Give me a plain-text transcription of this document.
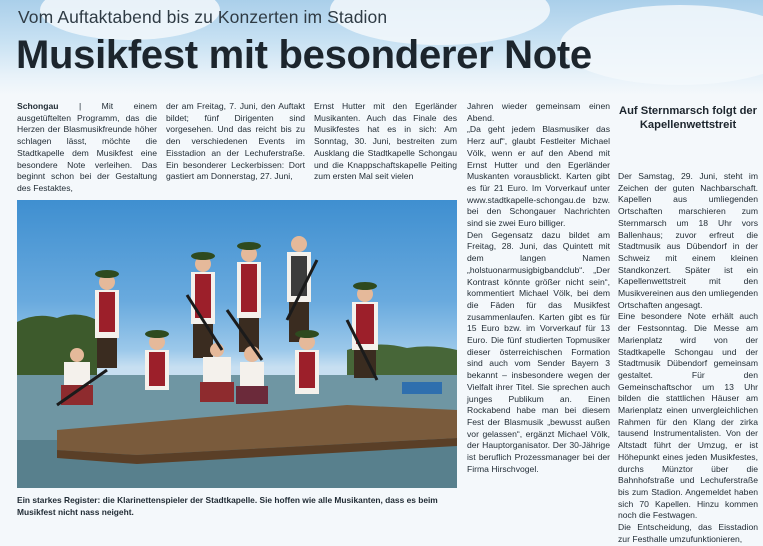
Vom Auftaktabend bis zu Konzerten im Stadion
Musikfest mit besonderer Note

Schongau | Mit einem ausgetüftelten Programm, das die Herzen der Blasmusikfreunde höher schlagen lässt, möchte die Stadtkapelle dem Musikfest eine besondere Note verleihen. Das beginnt schon bei der Gestaltung des Festaktes,

der am Freitag, 7. Juni, den Auftakt bildet; fünf Dirigenten sind vorgesehen. Und das reicht bis zu den verschiedenen Events im Eisstadion an der Lechuferstraße. Ein besonderer Leckerbissen: Dort gastiert am Donnerstag, 27. Juni,

Ernst Hutter mit den Egerländer Musikanten. Auch das Finale des Musikfestes hat es in sich: Am Sonntag, 30. Juni, bestreiten zum Ausklang die Stadtkapelle Schongau und die Knappschaftskapelle Peiting zum ersten Mal seit vielen

Jahren wieder gemeinsam einen Abend.

„Da geht jedem Blasmusiker das Herz auf“, glaubt Festleiter Michael Völk, wenn er auf den Abend mit Ernst Hutter und den Egerländer Muskanten vorausblickt. Karten gibt es für 21 Euro. Im Vorverkauf unter www.stadtkapelle-schongau.de bzw. bei den Schongauer Nachrichten sind sie zwei Euro billiger.

Den Gegensatz dazu bildet am Freitag, 28. Juni, das Quintett mit dem langen Namen „holstuonarmusigbigbandclub“. „Der Kontrast könnte größer nicht sein“, kommentiert Michael Völk, bei dem die Fäden für das Musikfest zusammenlaufen. Karten gibt es für 15 Euro bzw. im Vorverkauf für 13 Euro. Die fünf studierten Topmusiker dieser österreichischen Formation sind auch vom Sender Bayern 3 bekannt – insbesondere wegen der Vielfalt ihrer Titel. Sie sprechen auch junges Publikum an. Einen Rockabend habe man bei diesem Fest der Blasmusik „bewusst außen vor gelassen“, ergänzt Michael Völk, der Hauptorganisator. Der 30-Jährige ist beruflich Prozessmanager bei der Firma Hirschvogel.

Auf Sternmarsch folgt der Kapellenwettstreit

Der Samstag, 29. Juni, steht im Zeichen der guten Nachbarschaft. Kapellen aus umliegenden Ortschaften marschieren zum Sternmarsch um 18 Uhr vors Ballenhaus; zuvor erfreut die Stadtmusik aus Dübendorf in der Schweiz mit einem kleinen Standkonzert. Später ist ein Kapellenwettstreit mit den Musikvereinen aus den umliegenden Ortschaften angesagt.

Eine besondere Note erhält auch der Festsonntag. Die Messe am Marienplatz wird von der Stadtkapelle Schongau und der Stadtmusik Dübendorf gemeinsam gestaltet. Für den Gemeinschaftschor um 13 Uhr bilden die stattlichen Häuser am Marienplatz einen unvergleichlichen Rahmen für den Klang der zirka tausend Instrumentalisten. Von der Altstadt führt der Umzug, er ist Höhepunkt eines jeden Musikfestes, durchs Münztor über die Bahnhofstraße und Lechuferstraße bis zum Stadion. Angemeldet haben sich 70 Kapellen. Hinzu kommen noch die Festwagen.

Die Entscheidung, das Eisstadion zur Festhalle umzufunktionieren,

Ein starkes Register: die Klarinettenspieler der Stadtkapelle. Sie hoffen wie alle Musikanten, dass es beim Musikfest nicht nass neigeht.
